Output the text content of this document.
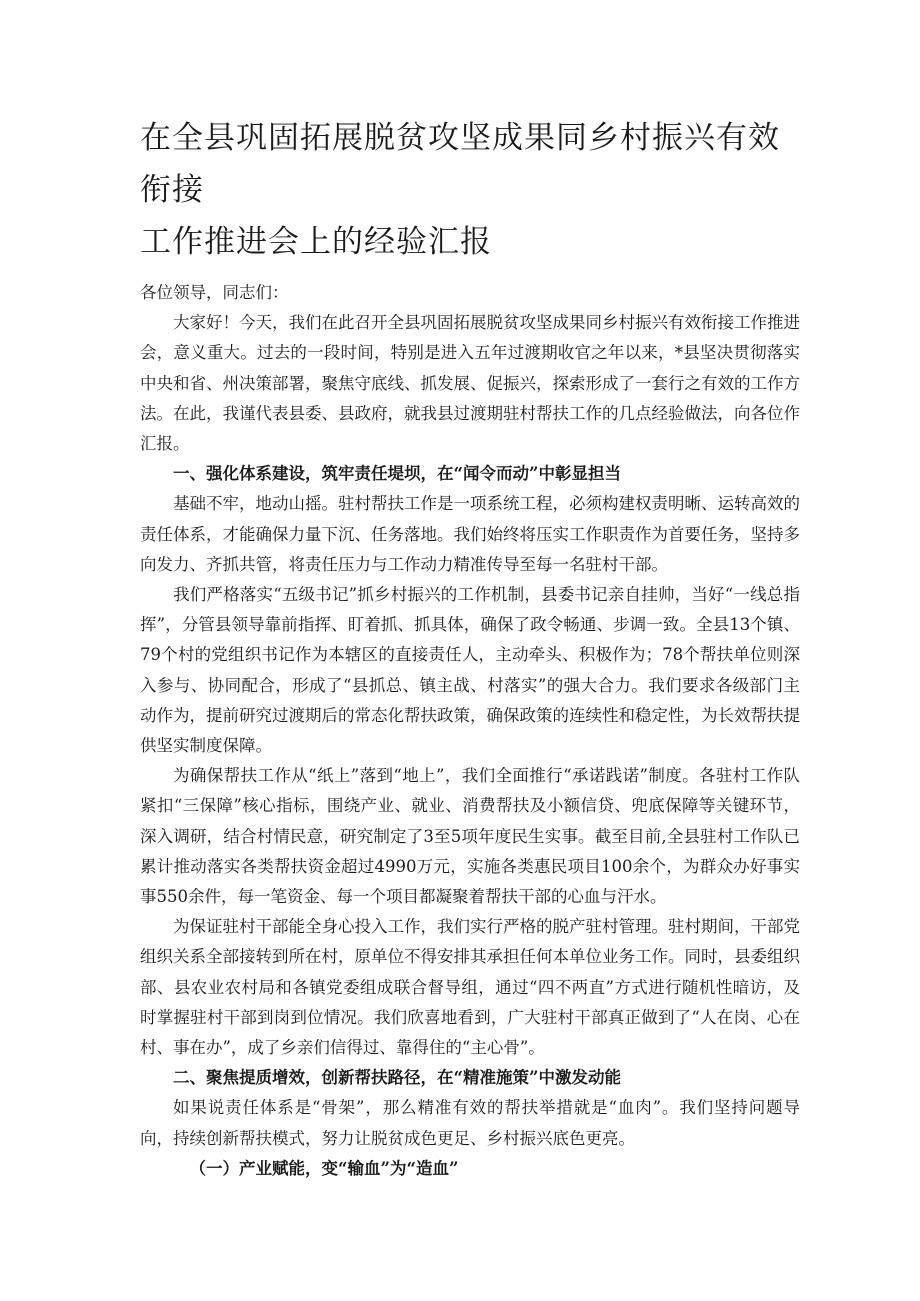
在全县巩固拓展脱贫攻坚成果同乡村振兴有效衔接
工作推进会上的经验汇报

各位领导，同志们：

大家好！今天，我们在此召开全县巩固拓展脱贫攻坚成果同乡村振兴有效衔接工作推进会，意义重大。过去的一段时间，特别是进入五年过渡期收官之年以来，*县坚决贯彻落实中央和省、州决策部署，聚焦守底线、抓发展、促振兴，探索形成了一套行之有效的工作方法。在此，我谨代表县委、县政府，就我县过渡期驻村帮扶工作的几点经验做法，向各位作汇报。

一、强化体系建设，筑牢责任堤坝，在“闻令而动”中彰显担当

基础不牢，地动山摇。驻村帮扶工作是一项系统工程，必须构建权责明晰、运转高效的责任体系，才能确保力量下沉、任务落地。我们始终将压实工作职责作为首要任务，坚持多向发力、齐抓共管，将责任压力与工作动力精准传导至每一名驻村干部。

我们严格落实“五级书记”抓乡村振兴的工作机制，县委书记亲自挂帅，当好“一线总指挥”，分管县领导靠前指挥、盯着抓、抓具体，确保了政令畅通、步调一致。全县13个镇、79个村的党组织书记作为本辖区的直接责任人，主动牵头、积极作为；78个帮扶单位则深入参与、协同配合，形成了“县抓总、镇主战、村落实”的强大合力。我们要求各级部门主动作为，提前研究过渡期后的常态化帮扶政策，确保政策的连续性和稳定性，为长效帮扶提供坚实制度保障。

为确保帮扶工作从“纸上”落到“地上”，我们全面推行“承诺践诺”制度。各驻村工作队紧扣“三保障”核心指标，围绕产业、就业、消费帮扶及小额信贷、兜底保障等关键环节，深入调研，结合村情民意，研究制定了3至5项年度民生实事。截至目前,全县驻村工作队已累计推动落实各类帮扶资金超过4990万元，实施各类惠民项目100余个，为群众办好事实事550余件，每一笔资金、每一个项目都凝聚着帮扶干部的心血与汗水。

为保证驻村干部能全身心投入工作，我们实行严格的脱产驻村管理。驻村期间，干部党组织关系全部接转到所在村，原单位不得安排其承担任何本单位业务工作。同时，县委组织部、县农业农村局和各镇党委组成联合督导组，通过“四不两直”方式进行随机性暗访，及时掌握驻村干部到岗到位情况。我们欣喜地看到，广大驻村干部真正做到了“人在岗、心在村、事在办”，成了乡亲们信得过、靠得住的“主心骨”。

二、聚焦提质增效，创新帮扶路径，在“精准施策”中激发动能

如果说责任体系是“骨架”，那么精准有效的帮扶举措就是“血肉”。我们坚持问题导向，持续创新帮扶模式，努力让脱贫成色更足、乡村振兴底色更亮。

（一）产业赋能，变“输血”为“造血”
